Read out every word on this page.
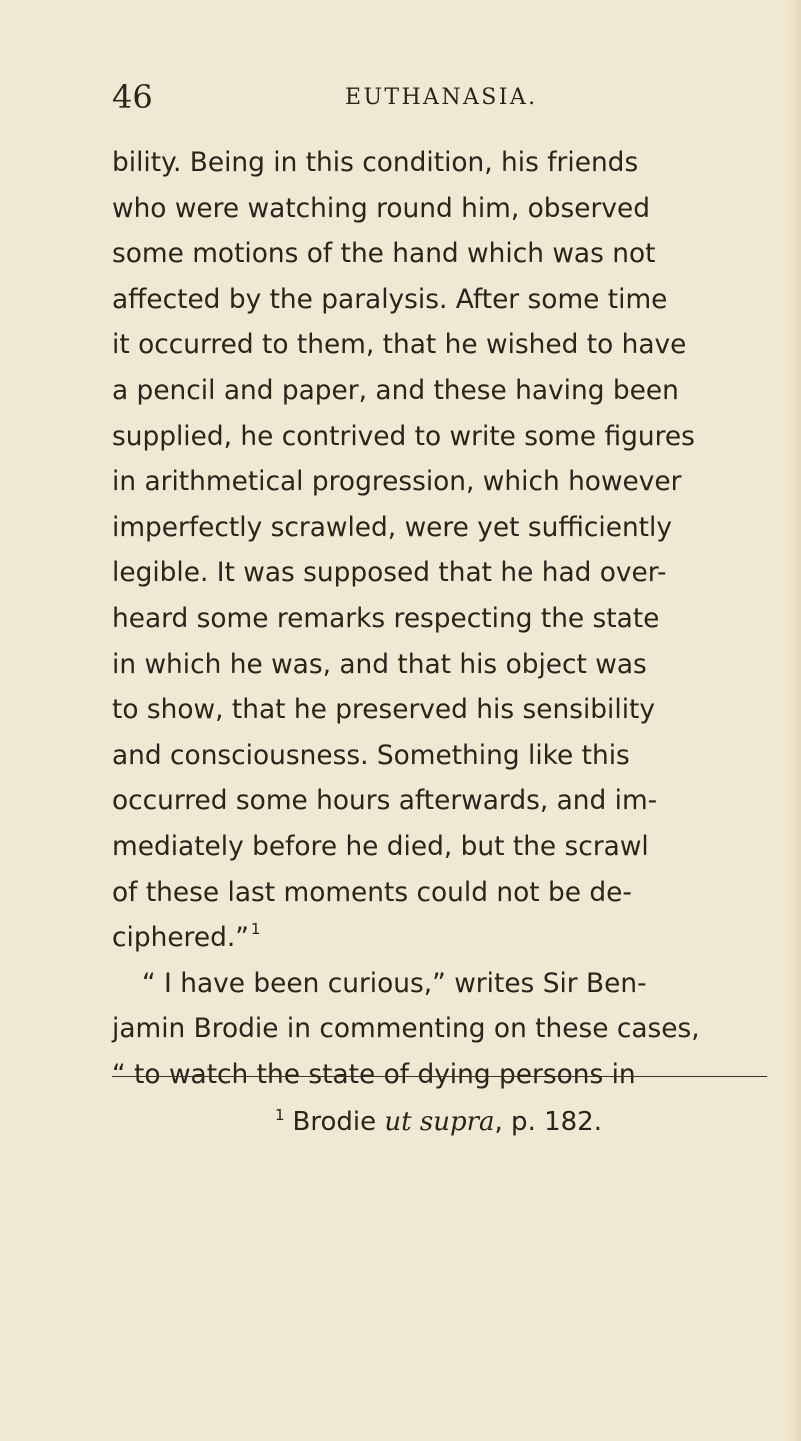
46	EUTHANASIA.
bility. Being in this condition, his friends
who were watching round him, observed
some motions of the hand which was not
affected by the paralysis. After some time
it occurred to them, that he wished to have
a pencil and paper, and these having been
supplied, he contrived to write some figures
in arithmetical progression, which however
imperfectly scrawled, were yet sufficiently
legible. It was supposed that he had over-
heard some remarks respecting the state
in which he was, and that his object was
to show, that he preserved his sensibility
and consciousness. Something like this
occurred some hours afterwards, and im-
mediately before he died, but the scrawl
of these last moments could not be de-
ciphered.” $^1$
“ I have been curious,” writes Sir Ben-
jamin Brodie in commenting on these cases,
“ to watch the state of dying persons in
$^1$ Brodie ut supra, p. 182.
